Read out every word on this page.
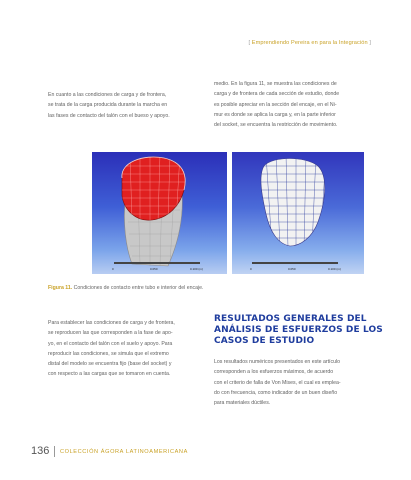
[ Emprendiendo Pereira en para la Integración ]
En cuanto a las condiciones de carga y de frontera,
se trata de la carga producida durante la marcha en
las fases de contacto del talón con el bueso y apoyo.
medio. En la figura 11, se muestra las condiciones de
carga y de frontera de cada sección de estudio, donde
es posible apreciar en la sección del encaje, en el Ni-
mur es donde se aplica la carga y, en la parte inferior
del socket, se encuentra la restricción de movimiento.
0	0.050	0.100 (m)	0	0.050	0.100 (m)
Figura 11. Condiciones de contacto entre tubo e interior del encaje.
Para establecer las condiciones de carga y de frontera,
se reproducen las que corresponden a la fase de apo-
yo, en el contacto del talón con el suelo y apoyo. Para
reproducir las condiciones, se simula que el extremo
distal del modelo se encuentra fijo (base del socket) y
con respecto a las cargas que se tomaron en cuenta.
RESULTADOS GENERALES DEL
ANÁLISIS DE ESFUERZOS DE LOS
CASOS DE ESTUDIO
Los resultados numéricos presentados en este artículo
corresponden a los esfuerzos máximos, de acuerdo
con el criterio de falla de Von Mises, el cual es emplea-
do con frecuencia, como indicador de un buen diseño
para materiales dúctiles.
136 COLECCIÓN ÁGORA LATINOAMERICANA
